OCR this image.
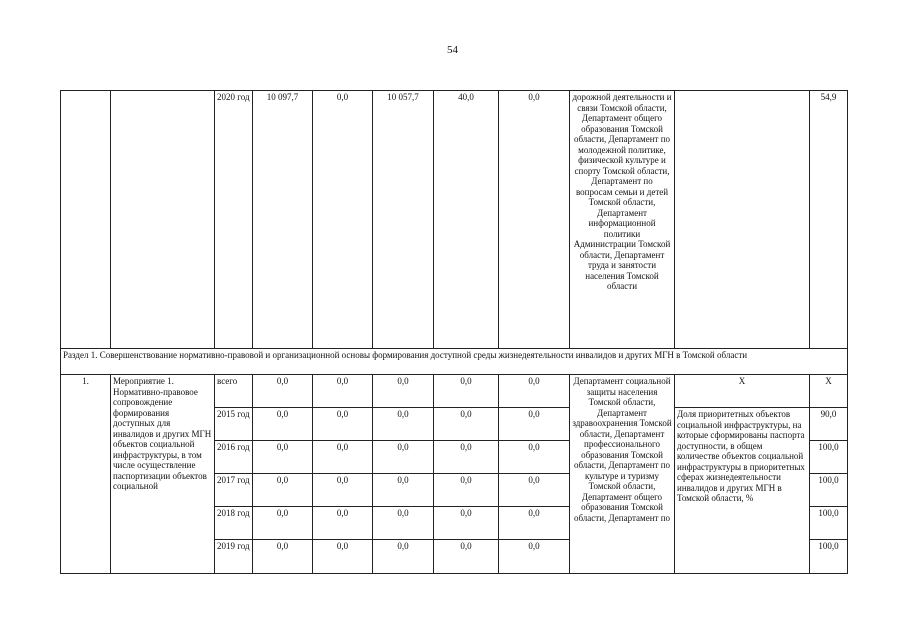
54
		2020 год	10 097,7	0,0	10 057,7	40,0	0,0	дорожной деятельности и связи Томской области, Департамент общего образования Томской области, Департамент по молодежной политике, физической культуре и спорту Томской области, Департамент по вопросам семьи и детей Томской области, Департамент информационной политики Администрации Томской области, Департамент труда и занятости населения Томской области		54,9
Раздел 1. Совершенствование нормативно-правовой и организационной основы формирования доступной среды жизнедеятельности инвалидов и других МГН в Томской области										
1.	Мероприятие 1. Нормативно-правовое сопровождение формирования доступных для инвалидов и других МГН объектов социальной инфраструктуры, в том числе осуществление паспортизации объектов социальной	всего	0,0	0,0	0,0	0,0	0,0	Департамент социальной защиты населения Томской области, Департамент здравоохранения Томской области, Департамент профессионального образования Томской области, Департамент по культуре и туризму Томской области, Департамент общего образования Томской области, Департамент по	Х	Х
		2015 год	0,0	0,0	0,0	0,0	0,0		Доля приоритетных объектов социальной инфраструктуры, на которые сформированы паспорта доступности, в общем количестве объектов социальной инфраструктуры в приоритетных сферах жизнедеятельности инвалидов и других МГН в Томской области, %	90,0
		2016 год	0,0	0,0	0,0	0,0	0,0			100,0
		2017 год	0,0	0,0	0,0	0,0	0,0			100,0
		2018 год	0,0	0,0	0,0	0,0	0,0			100,0
		2019 год	0,0	0,0	0,0	0,0	0,0			100,0
